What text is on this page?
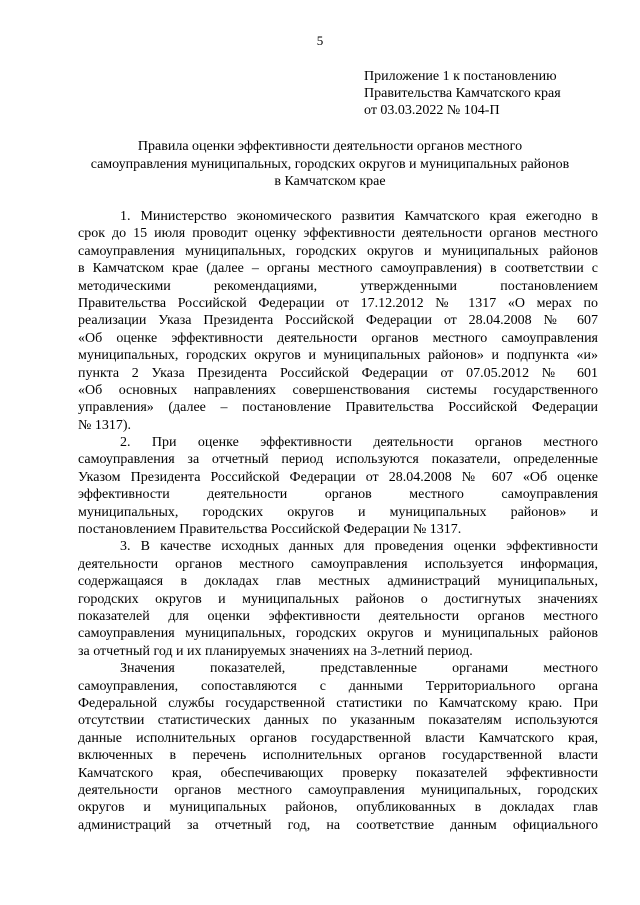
5
Приложение 1 к постановлению
Правительства Камчатского края
от 03.03.2022 № 104-П
Правила оценки эффективности деятельности органов местного
самоуправления муниципальных, городских округов и муниципальных районов
в Камчатском крае
1. Министерство экономического развития Камчатского края ежегодно в
срок до 15 июля проводит оценку эффективности деятельности органов местного
самоуправления муниципальных, городских округов и муниципальных районов
в Камчатском крае (далее – органы местного самоуправления) в соответствии с
методическими рекомендациями, утвержденными постановлением
Правительства Российской Федерации от 17.12.2012 № 1317 «О мерах по
реализации Указа Президента Российской Федерации от 28.04.2008 № 607
«Об оценке эффективности деятельности органов местного самоуправления
муниципальных, городских округов и муниципальных районов» и подпункта «и»
пункта 2 Указа Президента Российской Федерации от 07.05.2012 № 601
«Об основных направлениях совершенствования системы государственного
управления» (далее – постановление Правительства Российской Федерации
№ 1317).
2. При оценке эффективности деятельности органов местного
самоуправления за отчетный период используются показатели, определенные
Указом Президента Российской Федерации от 28.04.2008 № 607 «Об оценке
эффективности деятельности органов местного самоуправления
муниципальных, городских округов и муниципальных районов» и
постановлением Правительства Российской Федерации № 1317.
3. В качестве исходных данных для проведения оценки эффективности
деятельности органов местного самоуправления используется информация,
содержащаяся в докладах глав местных администраций муниципальных,
городских округов и муниципальных районов о достигнутых значениях
показателей для оценки эффективности деятельности органов местного
самоуправления муниципальных, городских округов и муниципальных районов
за отчетный год и их планируемых значениях на 3-летний период.
Значения показателей, представленные органами местного
самоуправления, сопоставляются с данными Территориального органа
Федеральной службы государственной статистики по Камчатскому краю. При
отсутствии статистических данных по указанным показателям используются
данные исполнительных органов государственной власти Камчатского края,
включенных в перечень исполнительных органов государственной власти
Камчатского края, обеспечивающих проверку показателей эффективности
деятельности органов местного самоуправления муниципальных, городских
округов и муниципальных районов, опубликованных в докладах глав
администраций за отчетный год, на соответствие данным официального
